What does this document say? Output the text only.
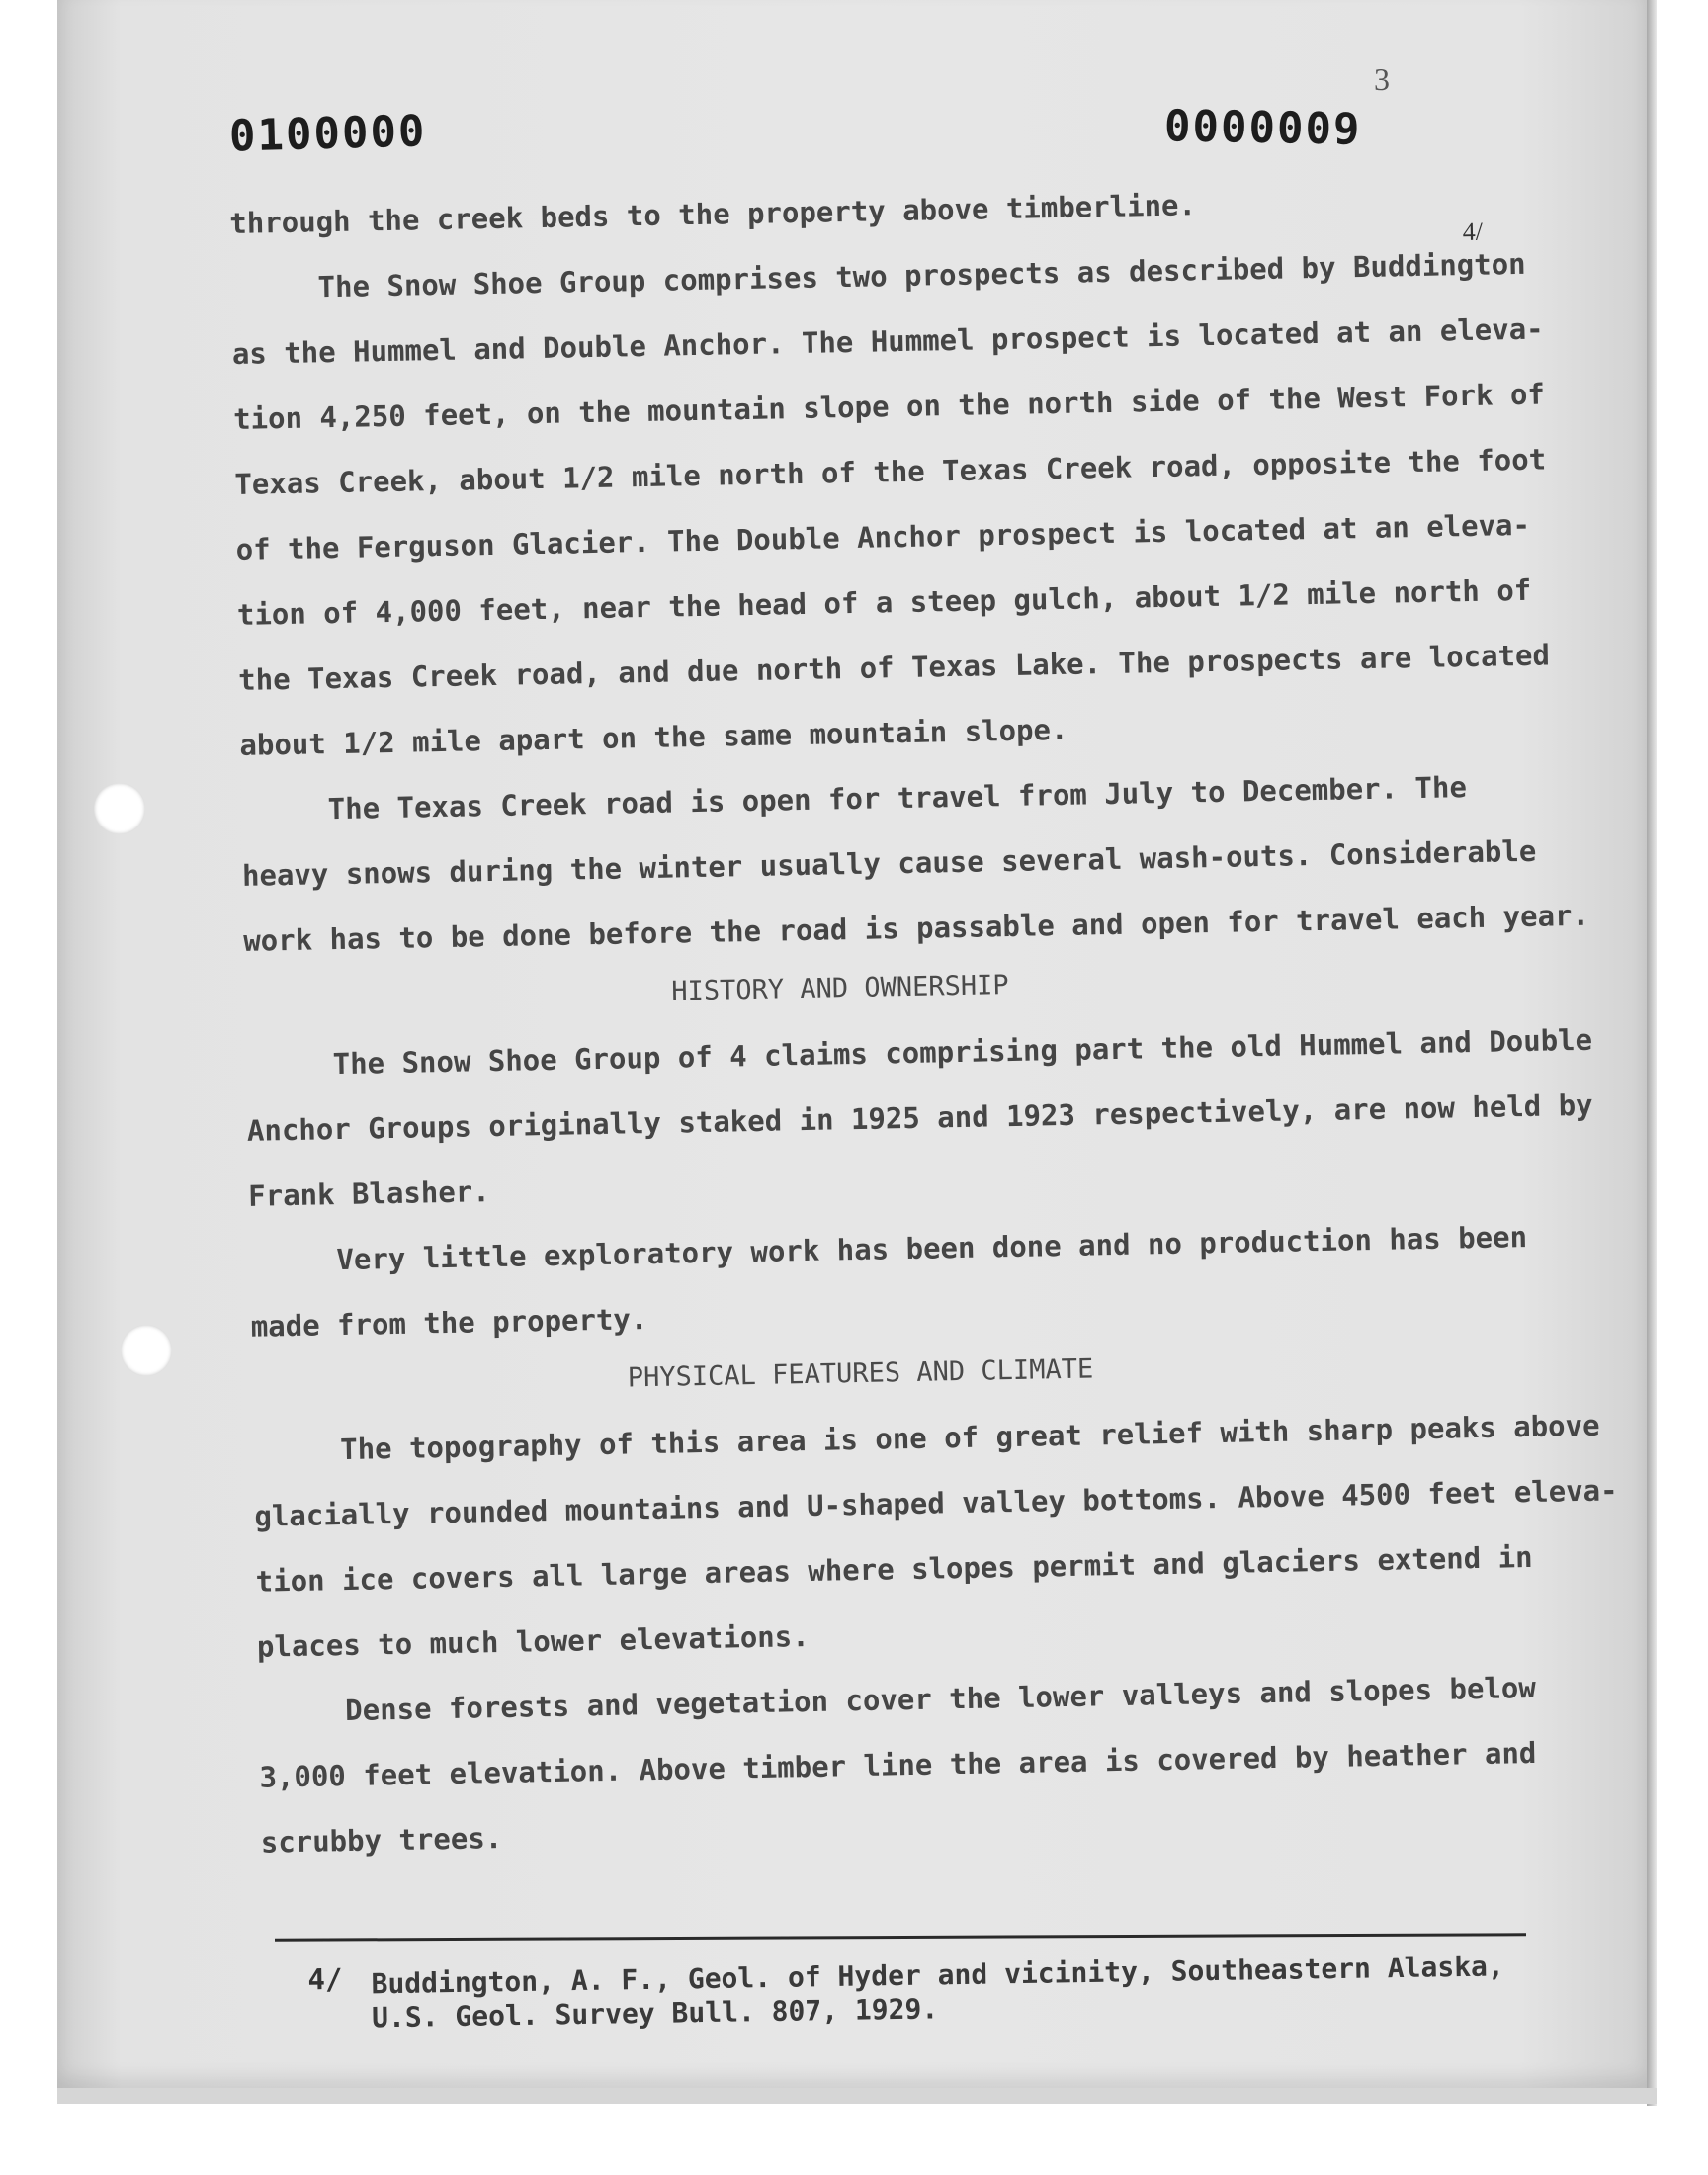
0100000	0000009
3
through the creek beds to the property above timberline.
The Snow Shoe Group comprises two prospects as described by Buddington
4/
as the Hummel and Double Anchor. The Hummel prospect is located at an eleva-
tion 4,250 feet, on the mountain slope on the north side of the West Fork of
Texas Creek, about 1/2 mile north of the Texas Creek road, opposite the foot
of the Ferguson Glacier. The Double Anchor prospect is located at an eleva-
tion of 4,000 feet, near the head of a steep gulch, about 1/2 mile north of
the Texas Creek road, and due north of Texas Lake. The prospects are located
about 1/2 mile apart on the same mountain slope.
The Texas Creek road is open for travel from July to December. The
heavy snows during the winter usually cause several wash-outs. Considerable
work has to be done before the road is passable and open for travel each year.
HISTORY AND OWNERSHIP
The Snow Shoe Group of 4 claims comprising part the old Hummel and Double
Anchor Groups originally staked in 1925 and 1923 respectively, are now held by
Frank Blasher.
Very little exploratory work has been done and no production has been
made from the property.
PHYSICAL FEATURES AND CLIMATE
The topography of this area is one of great relief with sharp peaks above
glacially rounded mountains and U-shaped valley bottoms. Above 4500 feet eleva-
tion ice covers all large areas where slopes permit and glaciers extend in
places to much lower elevations.
Dense forests and vegetation cover the lower valleys and slopes below
3,000 feet elevation. Above timber line the area is covered by heather and
scrubby trees.
4/ Buddington, A. F., Geol. of Hyder and vicinity, Southeastern Alaska,
U.S. Geol. Survey Bull. 807, 1929.
